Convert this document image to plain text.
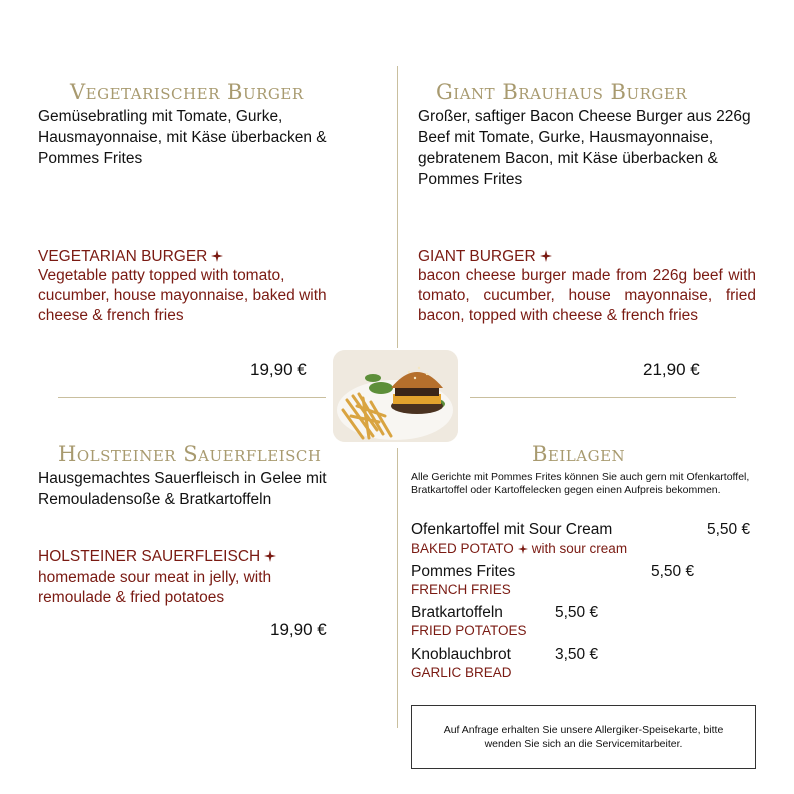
Vegetarischer Burger
Gemüsebratling mit Tomate, Gurke, Hausmayonnaise, mit Käse überbacken & Pommes Frites
VEGETARIAN BURGER
Vegetable patty topped with tomato, cucumber, house mayonnaise, baked with cheese & french fries
19,90 €
Giant Brauhaus Burger
Großer, saftiger Bacon Cheese Burger aus 226g Beef mit Tomate, Gurke, Hausmayonnaise, gebratenem Bacon, mit Käse überbacken & Pommes Frites
GIANT BURGER
bacon cheese burger made from 226g beef with tomato, cucumber, house mayonnaise, fried bacon, topped with cheese & french fries
21,90 €
Holsteiner Sauerfleisch
Hausgemachtes Sauerfleisch in Gelee mit Remouladensoße & Bratkartoffeln
HOLSTEINER SAUERFLEISCH
homemade sour meat in jelly, with remoulade & fried potatoes
19,90 €
Beilagen
Alle Gerichte mit Pommes Frites können Sie auch gern mit Ofenkartoffel, Bratkartoffel oder Kartoffelecken gegen einen Aufpreis bekommen.
Ofenkartoffel mit Sour Cream	5,50 €
BAKED POTATO with sour cream
Pommes Frites	5,50 €
FRENCH FRIES
Bratkartoffeln	5,50 €
FRIED POTATOES
Knoblauchbrot	3,50 €
GARLIC BREAD
Auf Anfrage erhalten Sie unsere Allergiker-Speisekarte, bitte wenden Sie sich an die Servicemitarbeiter.
